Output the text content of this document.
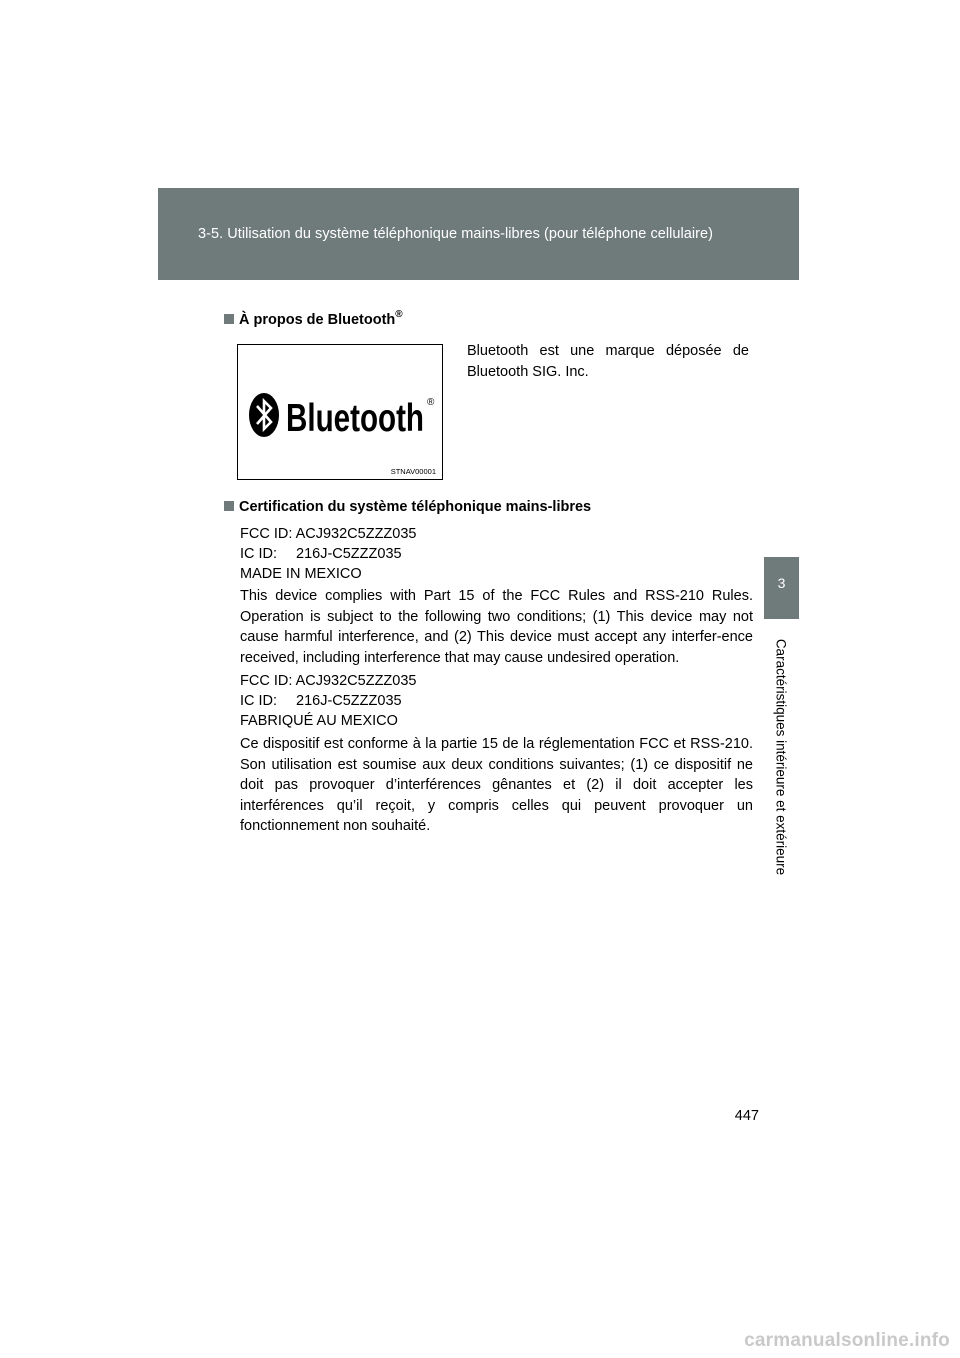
3-5. Utilisation du système téléphonique mains-libres (pour téléphone cellulaire)
3
Caractéristiques intérieure et extérieure
À propos de Bluetooth®
Bluetooth ®
STNAV00001
Bluetooth est une marque déposée de Bluetooth SIG. Inc.
Certification du système téléphonique mains-libres

FCC ID: ACJ932C5ZZZ035

IC ID:	216J-C5ZZZ035

MADE IN MEXICO

This device complies with Part 15 of the FCC Rules and RSS-210 Rules. Operation is subject to the following two conditions; (1) This device may not cause harmful interference, and (2) This device must accept any interfer-ence received, including interference that may cause undesired operation.

FCC ID: ACJ932C5ZZZ035

IC ID:	216J-C5ZZZ035

FABRIQUÉ AU MEXICO

Ce dispositif est conforme à la partie 15 de la réglementation FCC et RSS-210. Son utilisation est soumise aux deux conditions suivantes; (1) ce dispositif ne doit pas provoquer d’interférences gênantes et (2) il doit accepter les interférences qu’il reçoit, y compris celles qui peuvent provoquer un fonctionnement non souhaité.

447
carmanualsonline.info
